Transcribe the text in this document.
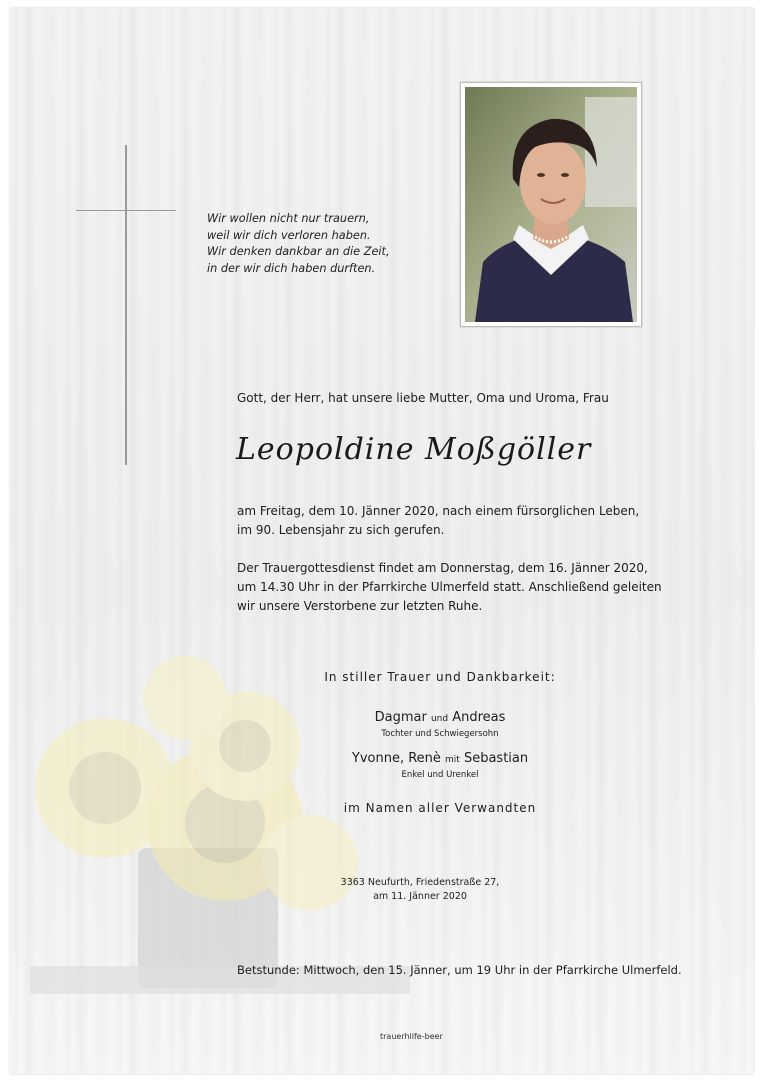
Wir wollen nicht nur trauern,
weil wir dich verloren haben.
Wir denken dankbar an die Zeit,
in der wir dich haben durften.
Gott, der Herr, hat unsere liebe Mutter, Oma und Uroma, Frau
Leopoldine Moßgöller
am Freitag, dem 10. Jänner 2020, nach einem fürsorglichen Leben,
im 90. Lebensjahr zu sich gerufen.
Der Trauergottesdienst findet am Donnerstag, dem 16. Jänner 2020,
um 14.30 Uhr in der Pfarrkirche Ulmerfeld statt. Anschließend geleiten
wir unsere Verstorbene zur letzten Ruhe.
In stiller Trauer und Dankbarkeit:
Dagmar und Andreas
Tochter und Schwiegersohn
Yvonne, Renè mit Sebastian
Enkel und Urenkel
im Namen aller Verwandten
3363 Neufurth, Friedenstraße 27,
am 11. Jänner 2020
Betstunde: Mittwoch, den 15. Jänner, um 19 Uhr in der Pfarrkirche Ulmerfeld.
trauerhilfe-beer
